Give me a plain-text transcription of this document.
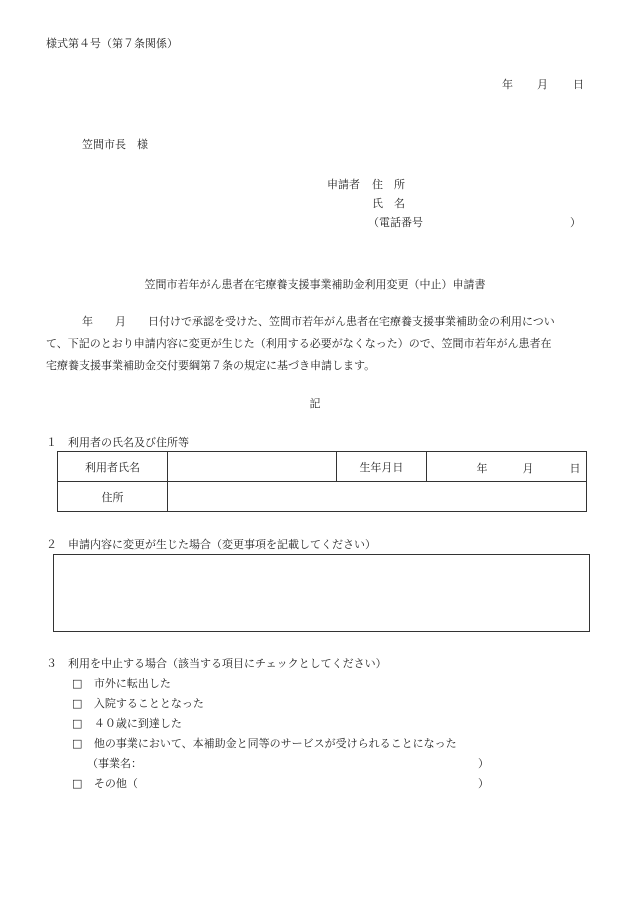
様式第４号（第７条関係）
年 月 日
笠間市長　様
申請者 住　所
氏　名
（電話番号	）
笠間市若年がん患者在宅療養支援事業補助金利用変更（中止）申請書
年　　月　　日付けで承認を受けた、笠間市若年がん患者在宅療養支援事業補助金の利用につい
て、下記のとおり申請内容に変更が生じた（利用する必要がなくなった）ので、笠間市若年がん患者在
宅療養支援事業補助金交付要綱第７条の規定に基づき申請します。
記
１　利用者の氏名及び住所等
利用者氏名		生年月日	年 月 日

住所			
２　申請内容に変更が生じた場合（変更事項を記載してください）
３　利用を中止する場合（該当する項目にチェックとしてください）
□ 市外に転出した
□ 入院することとなった
□ ４０歳に到達した
□ 他の事業において、本補助金と同等のサービスが受けられることになった
（事業名：	）
□ その他（	）
